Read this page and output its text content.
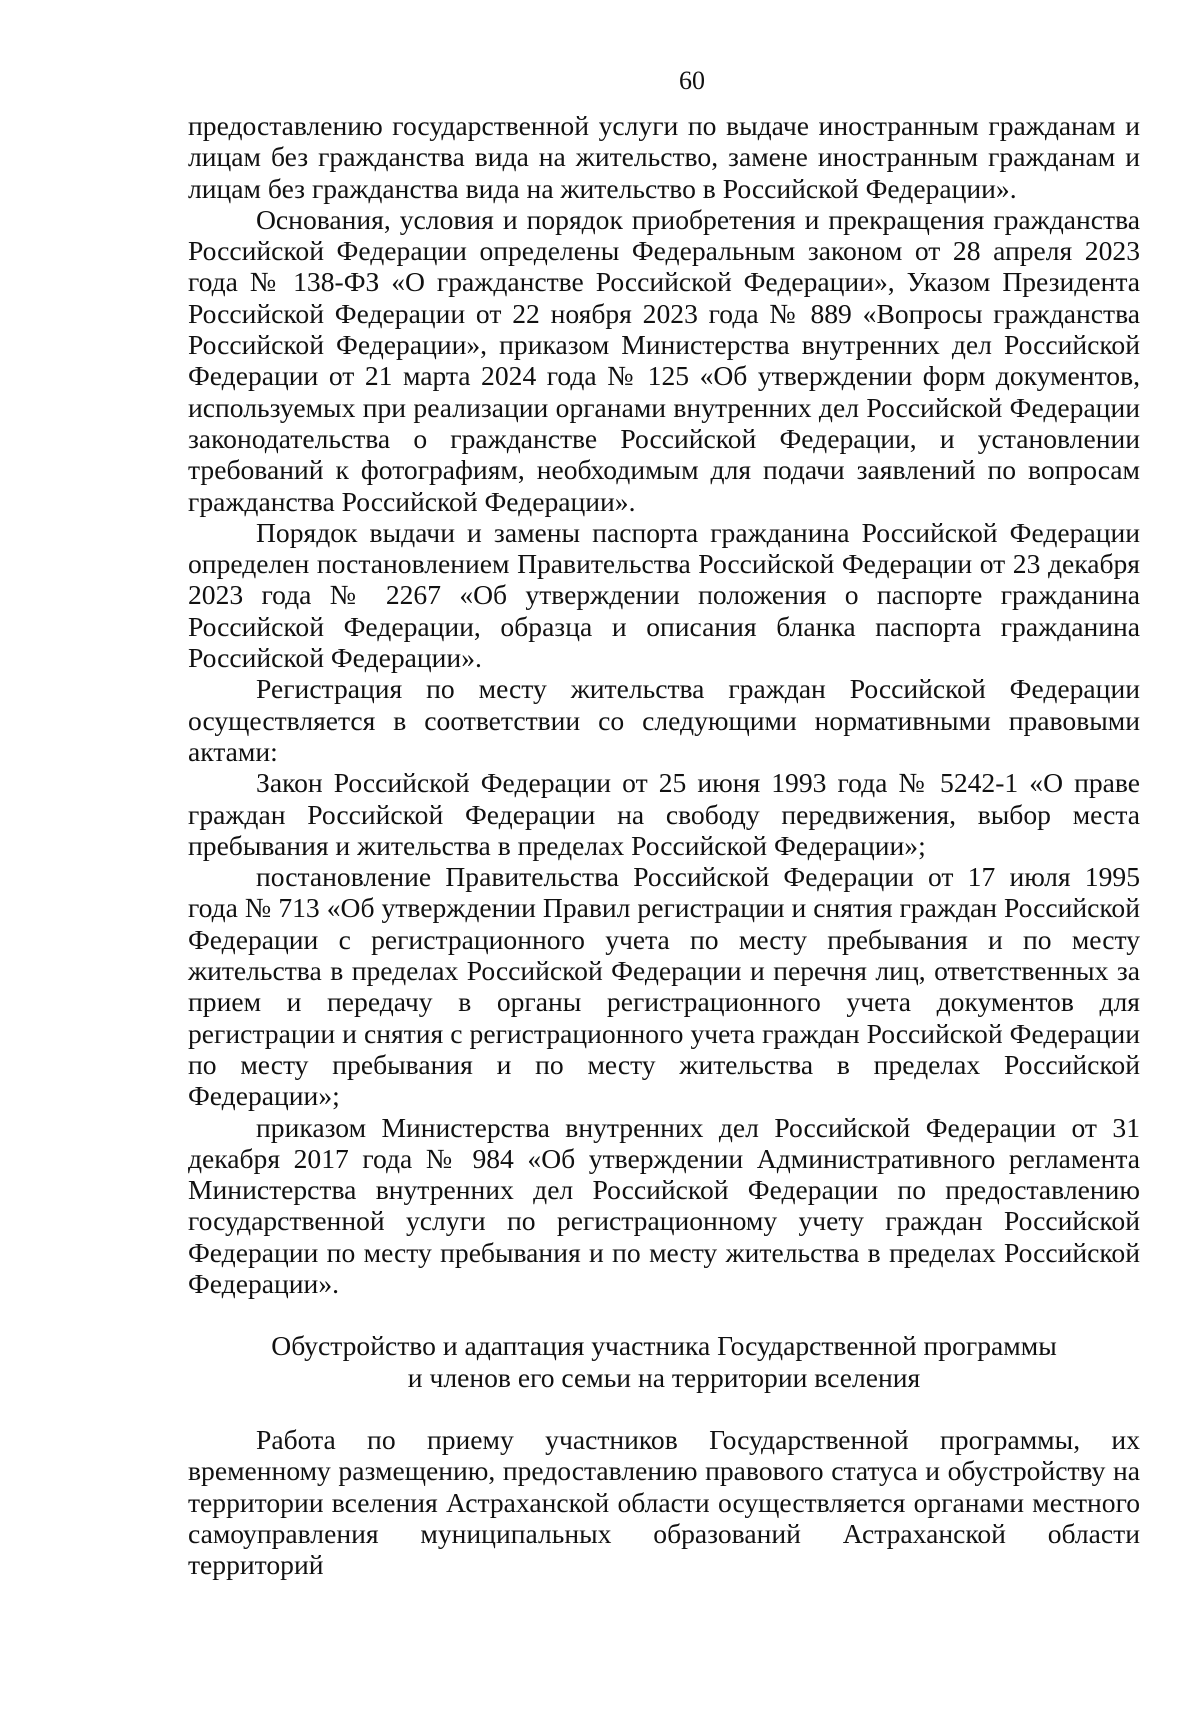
60

предоставлению государственной услуги по выдаче иностранным гражданам и лицам без гражданства вида на жительство, замене иностранным гражданам и лицам без гражданства вида на жительство в Российской Федерации».

Основания, условия и порядок приобретения и прекращения гражданства Российской Федерации определены Федеральным законом от 28 апреля 2023 года № 138-ФЗ «О гражданстве Российской Федерации», Указом Президента Российской Федерации от 22 ноября 2023 года № 889 «Вопросы гражданства Российской Федерации», приказом Министерства внутренних дел Российской Федерации от 21 марта 2024 года № 125 «Об утверждении форм документов, используемых при реализации органами внутренних дел Российской Федерации законодательства о гражданстве Российской Федерации, и установлении требований к фотографиям, необходимым для подачи заявлений по вопросам гражданства Российской Федерации».

Порядок выдачи и замены паспорта гражданина Российской Федерации определен постановлением Правительства Российской Федерации от 23 декабря 2023 года № 2267 «Об утверждении положения о паспорте гражданина Российской Федерации, образца и описания бланка паспорта гражданина Российской Федерации».

Регистрация по месту жительства граждан Российской Федерации осуществляется в соответствии со следующими нормативными правовыми актами:

Закон Российской Федерации от 25 июня 1993 года № 5242-1 «О праве граждан Российской Федерации на свободу передвижения, выбор места пребывания и жительства в пределах Российской Федерации»;

постановление Правительства Российской Федерации от 17 июля 1995 года № 713 «Об утверждении Правил регистрации и снятия граждан Российской Федерации с регистрационного учета по месту пребывания и по месту жительства в пределах Российской Федерации и перечня лиц, ответственных за прием и передачу в органы регистрационного учета документов для регистрации и снятия с регистрационного учета граждан Российской Федерации по месту пребывания и по месту жительства в пределах Российской Федерации»;

приказом Министерства внутренних дел Российской Федерации от 31 декабря 2017 года № 984 «Об утверждении Административного регламента Министерства внутренних дел Российской Федерации по предоставлению государственной услуги по регистрационному учету граждан Российской Федерации по месту пребывания и по месту жительства в пределах Российской Федерации».

Обустройство и адаптация участника Государственной программы
и членов его семьи на территории вселения

Работа по приему участников Государственной программы, их временному размещению, предоставлению правового статуса и обустройству на территории вселения Астраханской области осуществляется органами местного самоуправления муниципальных образований Астраханской области территорий
